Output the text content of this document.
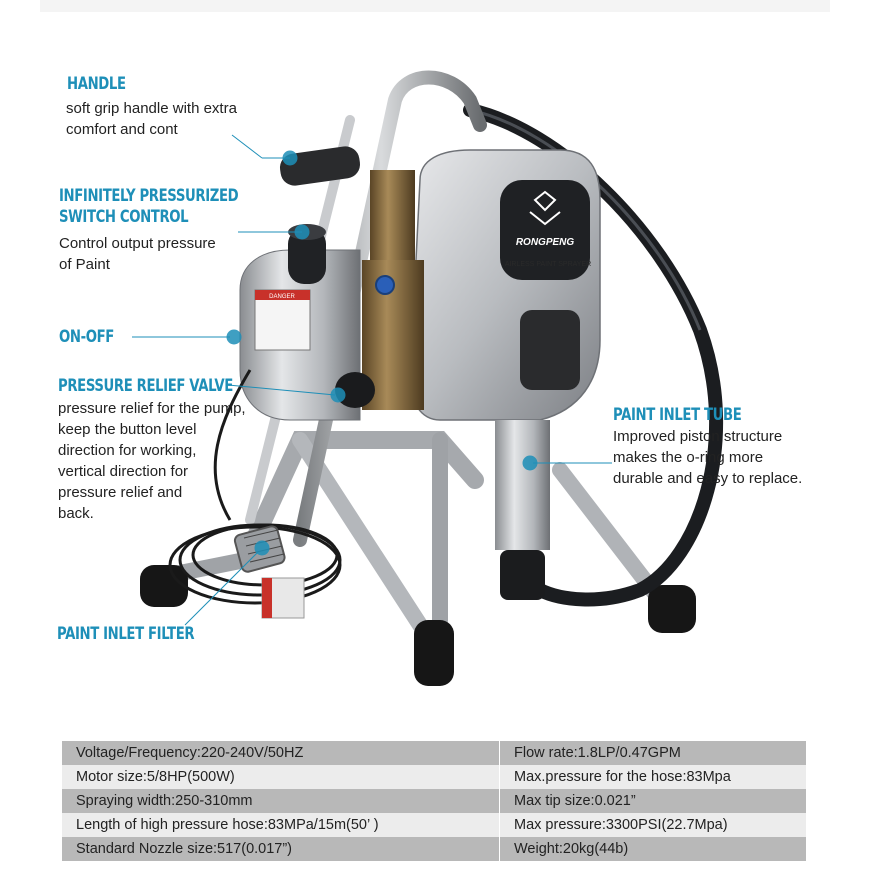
RONGPENG
AIRLESS PAINT SPRAYER
DANGER
HANDLE
soft grip handle with extra
comfort and cont
INFINITELY PRESSURIZED
SWITCH CONTROL
Control output pressure
of Paint
ON-OFF
PRESSURE RELIEF VALVE
pressure relief for the pump,
keep the button level
direction for working,
vertical direction for
pressure relief and
back.
PAINT INLET TUBE
Improved piston structure
makes the o-ring more
durable and easy to replace.
PAINT INLET FILTER
Voltage/Frequency:220-240V/50HZ	Flow rate:1.8LP/0.47GPM
Motor size:5/8HP(500W)	Max.pressure for the hose:83Mpa
Spraying width:250-310mm	Max tip size:0.021”
Length of high pressure hose:83MPa/15m(50’ )	Max pressure:3300PSI(22.7Mpa)
Standard Nozzle size:517(0.017”)	Weight:20kg(44b)
